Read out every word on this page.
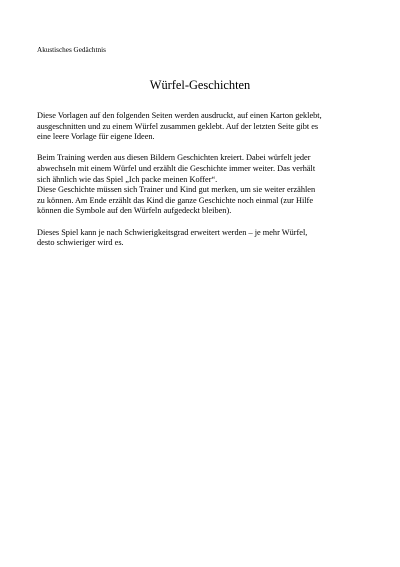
Akustisches Gedächtnis
Würfel-Geschichten

Diese Vorlagen auf den folgenden Seiten werden ausdruckt, auf einen Karton geklebt,
ausgeschnitten und zu einem Würfel zusammen geklebt. Auf der letzten Seite gibt es
eine leere Vorlage für eigene Ideen.

Beim Training werden aus diesen Bildern Geschichten kreiert. Dabei würfelt jeder
abwechseln mit einem Würfel und erzählt die Geschichte immer weiter. Das verhält
sich ähnlich wie das Spiel „Ich packe meinen Koffer“.
Diese Geschichte müssen sich Trainer und Kind gut merken, um sie weiter erzählen
zu können. Am Ende erzählt das Kind die ganze Geschichte noch einmal (zur Hilfe
können die Symbole auf den Würfeln aufgedeckt bleiben).

Dieses Spiel kann je nach Schwierigkeitsgrad erweitert werden – je mehr Würfel,
desto schwieriger wird es.
